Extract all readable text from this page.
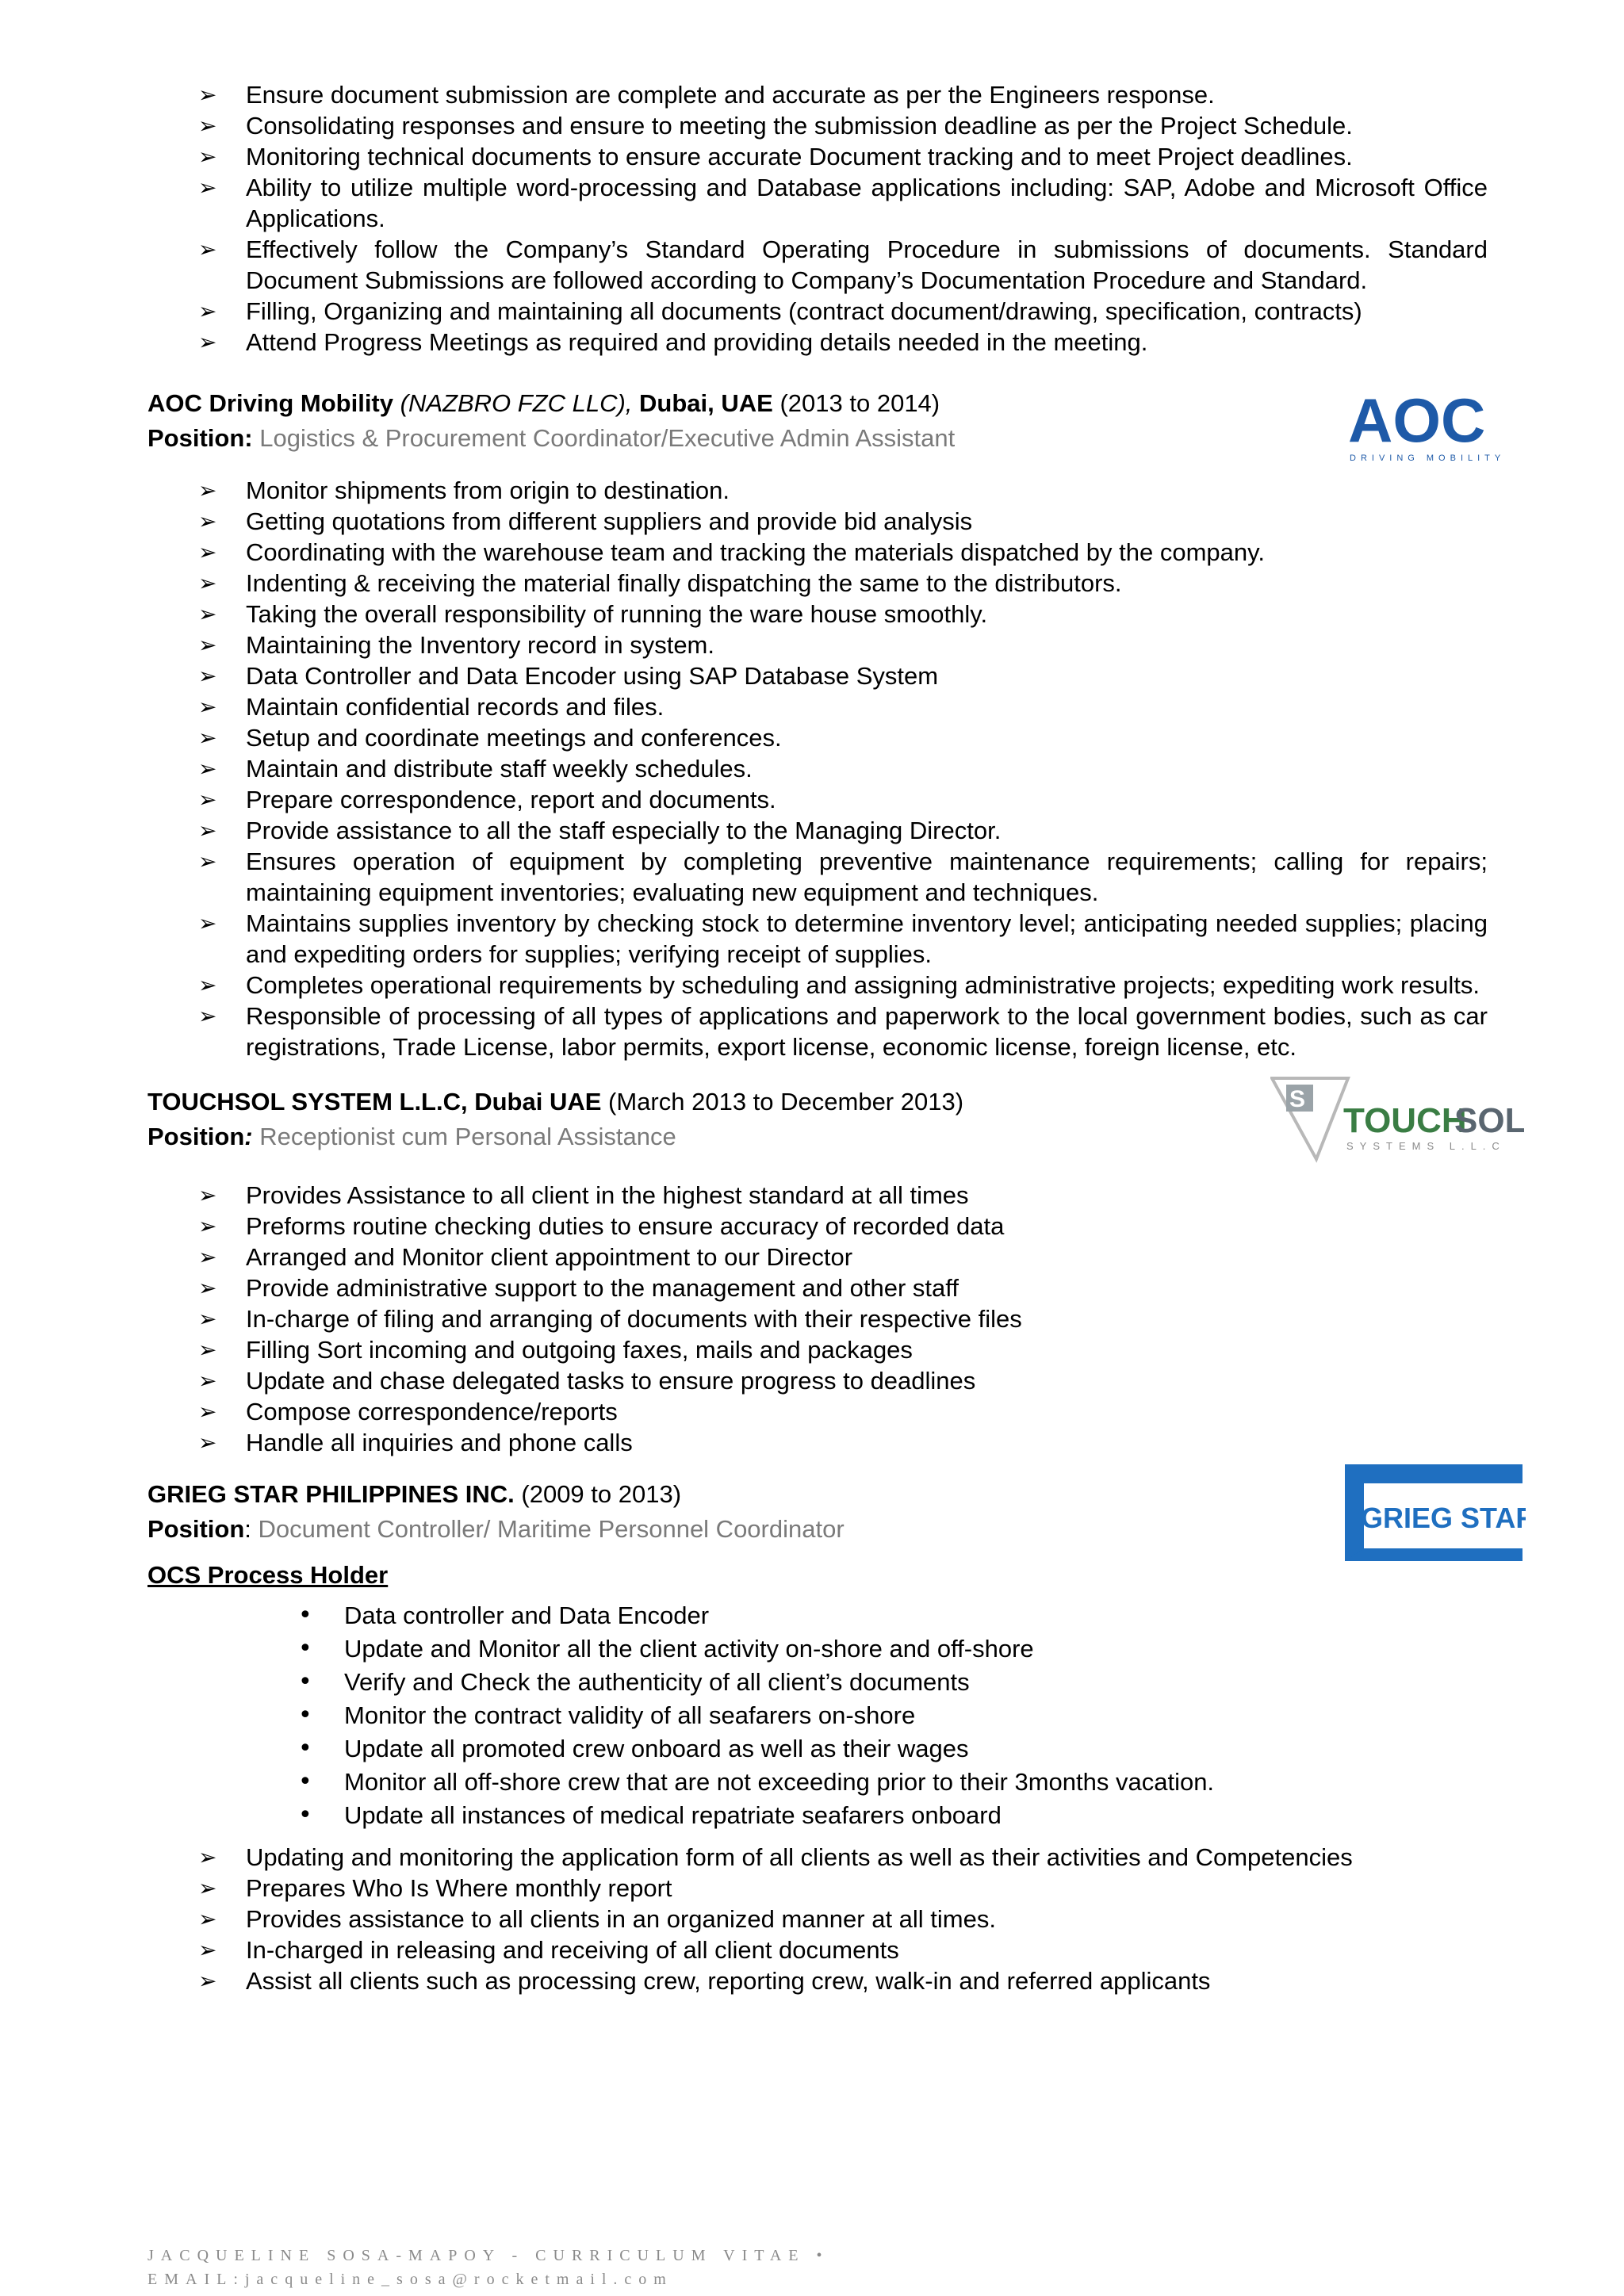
➢ Ensure document submission are complete and accurate as per the Engineers response.
➢ Consolidating responses and ensure to meeting the submission deadline as per the Project Schedule.
➢ Monitoring technical documents to ensure accurate Document tracking and to meet Project deadlines.
➢ Ability to utilize multiple word-processing and Database applications including: SAP, Adobe and Microsoft Office Applications.
➢ Effectively follow the Company’s Standard Operating Procedure in submissions of documents. Standard Document Submissions are followed according to Company’s Documentation Procedure and Standard.
➢ Filling, Organizing and maintaining all documents (contract document/drawing, specification, contracts)
➢ Attend Progress Meetings as required and providing details needed in the meeting.
AOC Driving Mobility (NAZBRO FZC LLC), Dubai, UAE (2013 to 2014)
Position: Logistics & Procurement Coordinator/Executive Admin Assistant	AOC
DRIVING MOBILITY
➢ Monitor shipments from origin to destination.
➢ Getting quotations from different suppliers and provide bid analysis
➢ Coordinating with the warehouse team and tracking the materials dispatched by the company.
➢ Indenting & receiving the material finally dispatching the same to the distributors.
➢ Taking the overall responsibility of running the ware house smoothly.
➢ Maintaining the Inventory record in system.
➢ Data Controller and Data Encoder using SAP Database System
➢ Maintain confidential records and files.
➢ Setup and coordinate meetings and conferences.
➢ Maintain and distribute staff weekly schedules.
➢ Prepare correspondence, report and documents.
➢ Provide assistance to all the staff especially to the Managing Director.
➢ Ensures operation of equipment by completing preventive maintenance requirements; calling for repairs; maintaining equipment inventories; evaluating new equipment and techniques.
➢ Maintains supplies inventory by checking stock to determine inventory level; anticipating needed supplies; placing and expediting orders for supplies; verifying receipt of supplies.
➢ Completes operational requirements by scheduling and assigning administrative projects; expediting work results.
➢ Responsible of processing of all types of applications and paperwork to the local government bodies, such as car registrations, Trade License, labor permits, export license, economic license, foreign license, etc.
TOUCHSOL SYSTEM L.L.C, Dubai UAE (March 2013 to December 2013)
Position: Receptionist cum Personal Assistance
S
TOUCH
SOL
SYSTEMS L.L.C
➢ Provides Assistance to all client in the highest standard at all times
➢ Preforms routine checking duties to ensure accuracy of recorded data
➢ Arranged and Monitor client appointment to our Director
➢ Provide administrative support to the management and other staff
➢ In-charge of filing and arranging of documents with their respective files
➢ Filling Sort incoming and outgoing faxes, mails and packages
➢ Update and chase delegated tasks to ensure progress to deadlines
➢ Compose correspondence/reports
➢ Handle all inquiries and phone calls
GRIEG STAR PHILIPPINES INC. (2009 to 2013)
Position: Document Controller/ Maritime Personnel Coordinator	GRIEG STAR
OCS Process Holder
• Data controller and Data Encoder
• Update and Monitor all the client activity on-shore and off-shore
• Verify and Check the authenticity of all client’s documents
• Monitor the contract validity of all seafarers on-shore
• Update all promoted crew onboard as well as their wages
• Monitor all off-shore crew that are not exceeding prior to their 3months vacation.
• Update all instances of medical repatriate seafarers onboard
➢ Updating and monitoring the application form of all clients as well as their activities and Competencies
➢ Prepares Who Is Where monthly report
➢ Provides assistance to all clients in an organized manner at all times.
➢ In-charged in releasing and receiving of all client documents
➢ Assist all clients such as processing crew, reporting crew, walk-in and referred applicants
JACQUELINE SOSA-MAPOY - CURRICULUM VITAE •
EMAIL:jacqueline_sosa@rocketmail.com
